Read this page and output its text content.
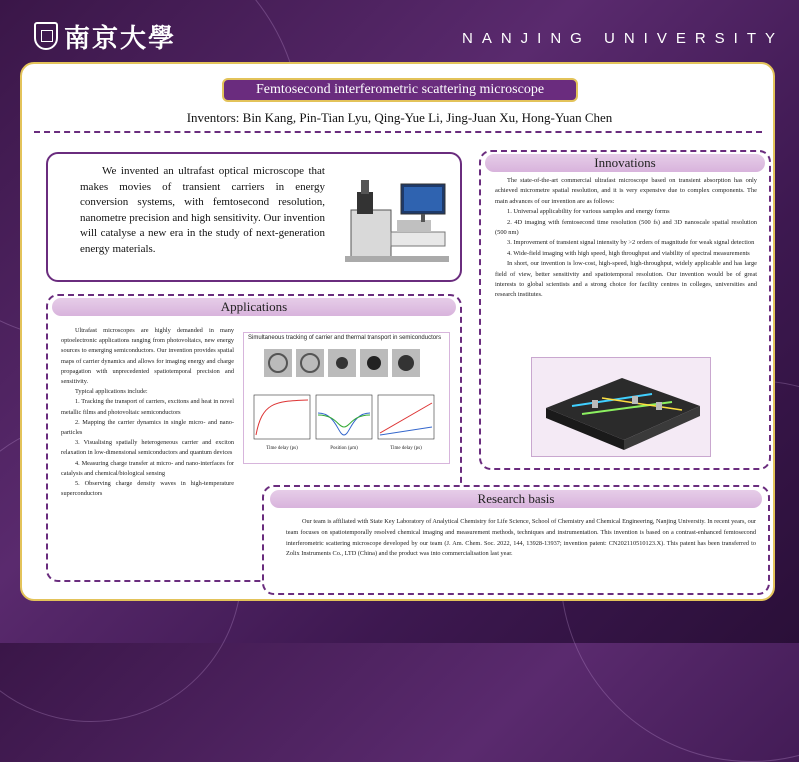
南京大學	NANJING UNIVERSITY
Femtosecond interferometric scattering microscope
Inventors: Bin Kang, Pin-Tian Lyu, Qing-Yue Li, Jing-Juan Xu, Hong-Yuan Chen
We invented an ultrafast optical microscope that makes movies of transient carriers in energy conversion systems, with femtosecond resolution, nanometre precision and high sensitivity. Our invention will catalyse a new era in the study of next-generation energy materials.
Innovations

The state-of-the-art commercial ultrafast microscope based on transient absorption has only achieved micrometre spatial resolution, and it is very expensive due to complex components. The main advances of our invention are as follows:

1. Universal applicability for various samples and energy forms

2. 4D imaging with femtosecond time resolution (500 fs) and 3D nanoscale spatial resolution (500 nm)

3. Improvement of transient signal intensity by >2 orders of magnitude for weak signal detection

4. Wide-field imaging with high speed, high throughput and viability of spectral measurements

In short, our invention is low-cost, high-speed, high-throughput, widely applicable and has large field of view, better sensitivity and spatiotemporal resolution. Our invention would be of great interests to global scientists and a strong choice for facility centres in colleges, universities and research institutes.

Applications

Ultrafast microscopes are highly demanded in many optoelectronic applications ranging from photovoltaics, new energy sources to emerging semiconductors. Our invention provides spatial maps of carrier dynamics and allows for imaging energy and charge propagation with unprecedented spatiotemporal precision and sensitivity.

Typical applications include:

1. Tracking the transport of carriers, excitons and heat in novel metallic films and photovoltaic semiconductors

2. Mapping the carrier dynamics in single micro- and nano-particles

3. Visualising spatially heterogeneous carrier and exciton relaxation in low-dimensional semiconductors and quantum devices

4. Measuring charge transfer at micro- and nano-interfaces for catalysis and chemical/biological sensing

5. Observing charge density waves in high-temperature superconductors

Simultaneous tracking of carrier and thermal transport in semiconductors
Time delay (ps)	Position (μm)	Time delay (ps)
Research basis
Our team is affiliated with State Key Laboratory of Analytical Chemistry for Life Science, School of Chemistry and Chemical Engineering, Nanjing University. In recent years, our team focuses on spatiotemporally resolved chemical imaging and measurement methods, techniques and instrumentation. This invention is based on a contrast-enhanced femtosecond interferometric scattering microscope developed by our team (J. Am. Chem. Soc. 2022, 144, 13928-13937; invention patent: CN202110510123.X). This patent has been transferred to Zolix Instruments Co., LTD (China) and the product was into commercialisation last year.
